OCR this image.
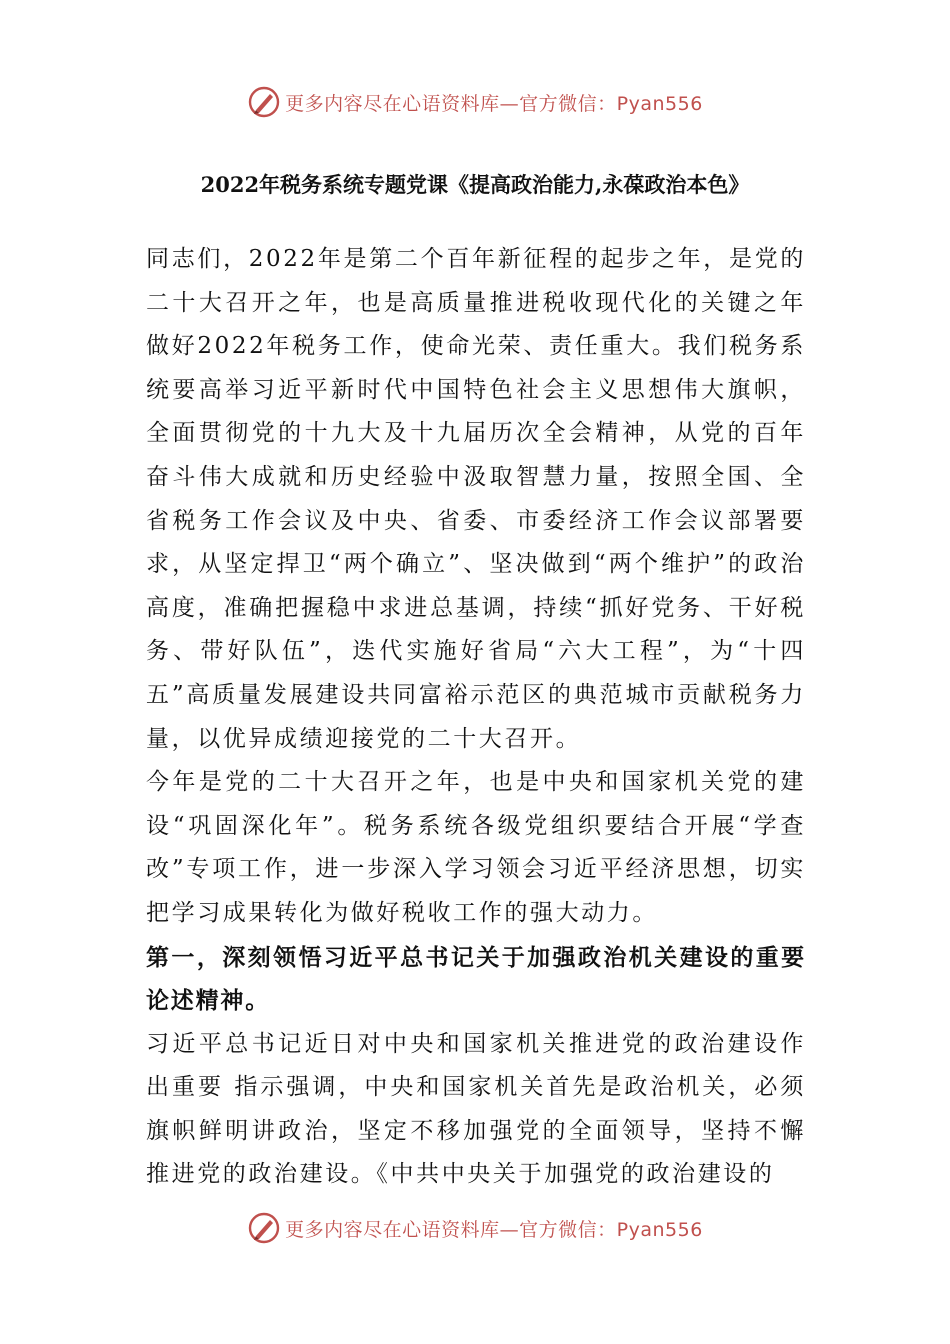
更多内容尽在心语资料库—官方微信：Pyan556
2022年税务系统专题党课《提高政治能力,永葆政治本色》

同志们，2022年是第二个百年新征程的起步之年，是党的二十大召开之年，也是高质量推进税收现代化的关键之年做好2022年税务工作，使命光荣、责任重大。我们税务系统要高举习近平新时代中国特色社会主义思想伟大旗帜，全面贯彻党的十九大及十九届历次全会精神，从党的百年奋斗伟大成就和历史经验中汲取智慧力量，按照全国、全省税务工作会议及中央、省委、市委经济工作会议部署要求，从坚定捍卫“两个确立”、坚决做到“两个维护”的政治高度，准确把握稳中求进总基调，持续“抓好党务、干好税务、带好队伍”，迭代实施好省局“六大工程”，为“十四五”高质量发展建设共同富裕示范区的典范城市贡献税务力量，以优异成绩迎接党的二十大召开。

今年是党的二十大召开之年，也是中央和国家机关党的建设“巩固深化年”。税务系统各级党组织要结合开展“学查改”专项工作，进一步深入学习领会习近平经济思想，切实把学习成果转化为做好税收工作的强大动力。

第一，深刻领悟习近平总书记关于加强政治机关建设的重要论述精神。

习近平总书记近日对中央和国家机关推进党的政治建设作出重要 指示强调，中央和国家机关首先是政治机关，必须旗帜鲜明讲政治，坚定不移加强党的全面领导，坚持不懈推进党的政治建设。《中共中央关于加强党的政治建设的

更多内容尽在心语资料库—官方微信：Pyan556
